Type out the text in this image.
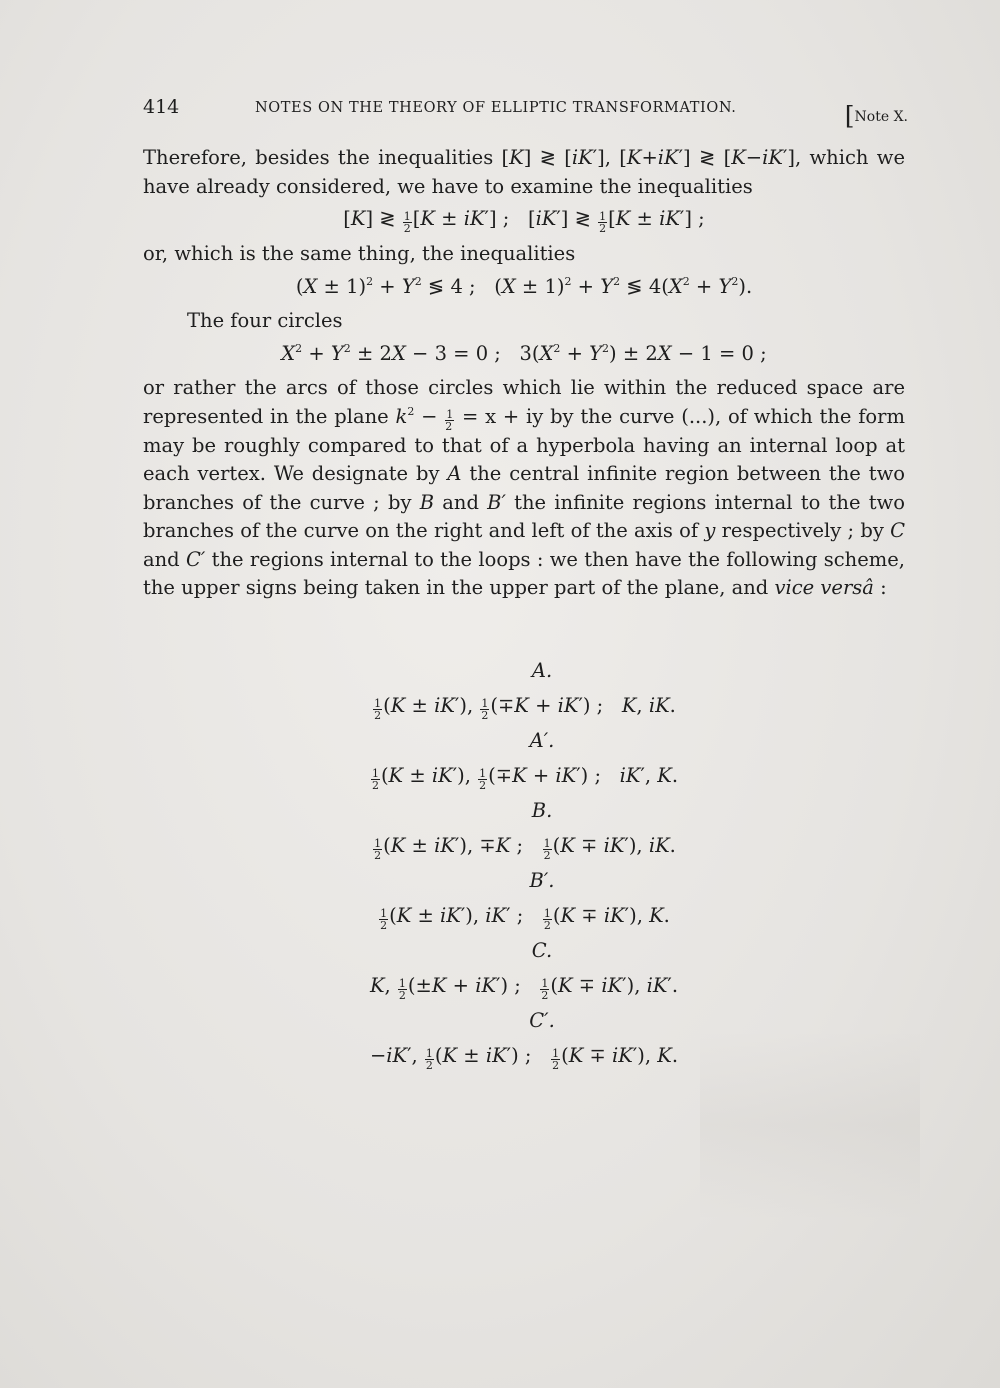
414	NOTES ON THE THEORY OF ELLIPTIC TRANSFORMATION.	[Note X.

Therefore, besides the inequalities [K] ≷ [iK′], [K+iK′] ≷ [K−iK′], which we have already considered, we have to examine the inequalities

[K] ≷ $\frac{1}{2} [K \pm iK']$ ;   [iK′] ≷ $\frac{1}{2} [K \pm iK']$ ;

or, which is the same thing, the inequalities

$(X \pm 1)^2 + Y^2$ ≶ 4 ;   $(X \pm 1)^2 + Y^2$ ≶ $4(X^2 + Y^2)$.

The four circles

$X^2 + Y^2 \pm 2X - 3 = 0$ ;   $3(X^2 + Y^2) \pm 2X - 1 = 0$ ;

or rather the arcs of those circles which lie within the reduced space are represented in the plane $k^2 - \frac{1}{2} = x$ + iy by the curve (...), of which the form may be roughly compared to that of a hyperbola having an internal loop at each vertex. We designate by A the central infinite region between the two branches of the curve ; by B and B′ the infinite regions internal to the two branches of the curve on the right and left of the axis of y respectively ; by C and C′ the regions internal to the loops : we then have the following scheme, the upper signs being taken in the upper part of the plane, and vice versâ :

A.
$\frac{1}{2} (K \pm iK')$, $\frac{1}{2} (\mp K + iK')$ ;   K, iK.
A′.
$\frac{1}{2} (K \pm iK')$, $\frac{1}{2} (\mp K + iK')$ ;   iK′, K.
B.
$\frac{1}{2} (K \pm iK')$, ∓K ; $\frac{1}{2} (K \mp iK')$, iK.
B′.
$\frac{1}{2} (K \pm iK')$, iK′ ; $\frac{1}{2} (K \mp iK')$, K.
C.
K, $\frac{1}{2} (\pm K + iK')$ ; $\frac{1}{2} (K \mp iK')$, iK′.
C′.
−iK′, $\frac{1}{2} (K \pm iK')$ ; $\frac{1}{2} (K \mp iK')$, K.
